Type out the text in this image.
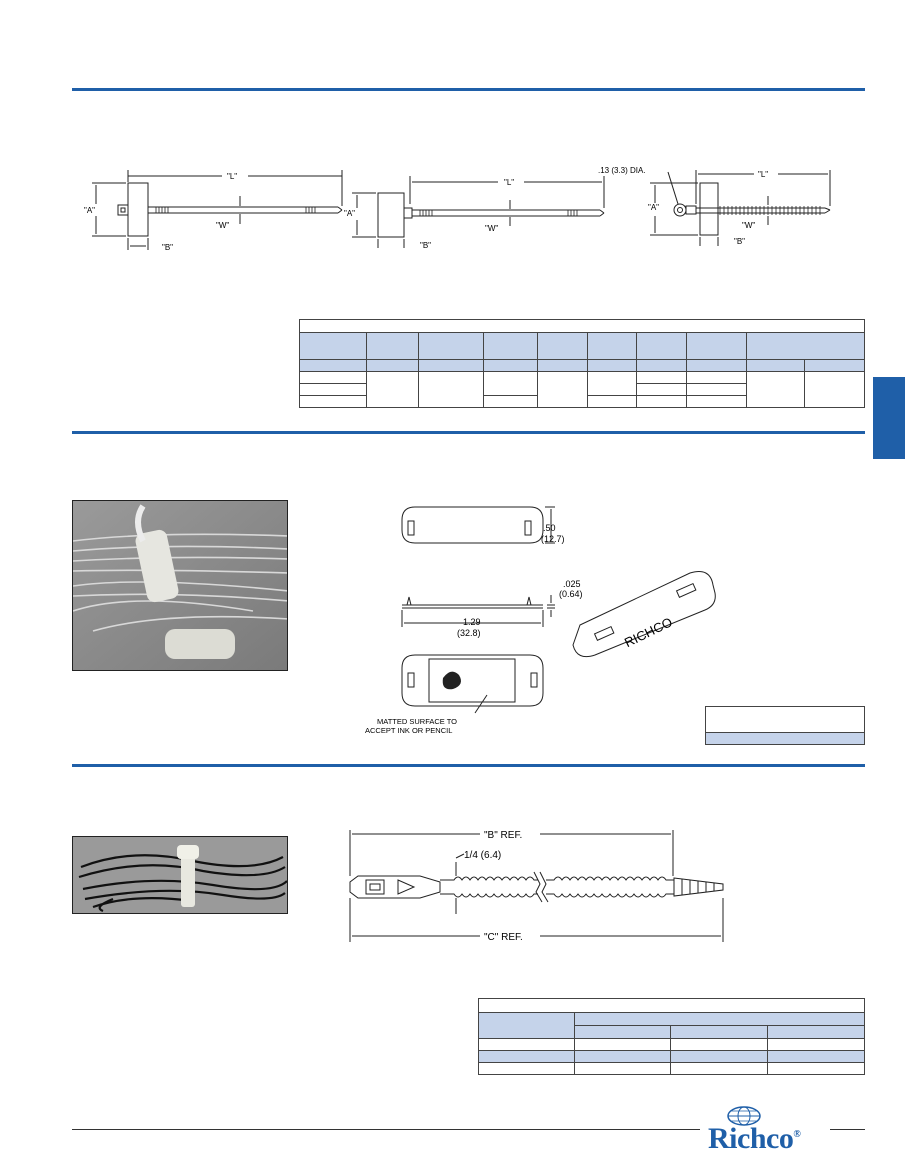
"L"
"A"
"W"
"B"
"L"
"A"
"W"
"B"
.13 (3.3) DIA.	"L"
"A"
"W"
"B"

.50
(12.7)
.025
(0.64)
1.29
(32.8)	RICHCO
MATTED SURFACE TO
ACCEPT INK OR PENCIL

"B" REF.
"C" REF.
1/4 (6.4)

Richco®
